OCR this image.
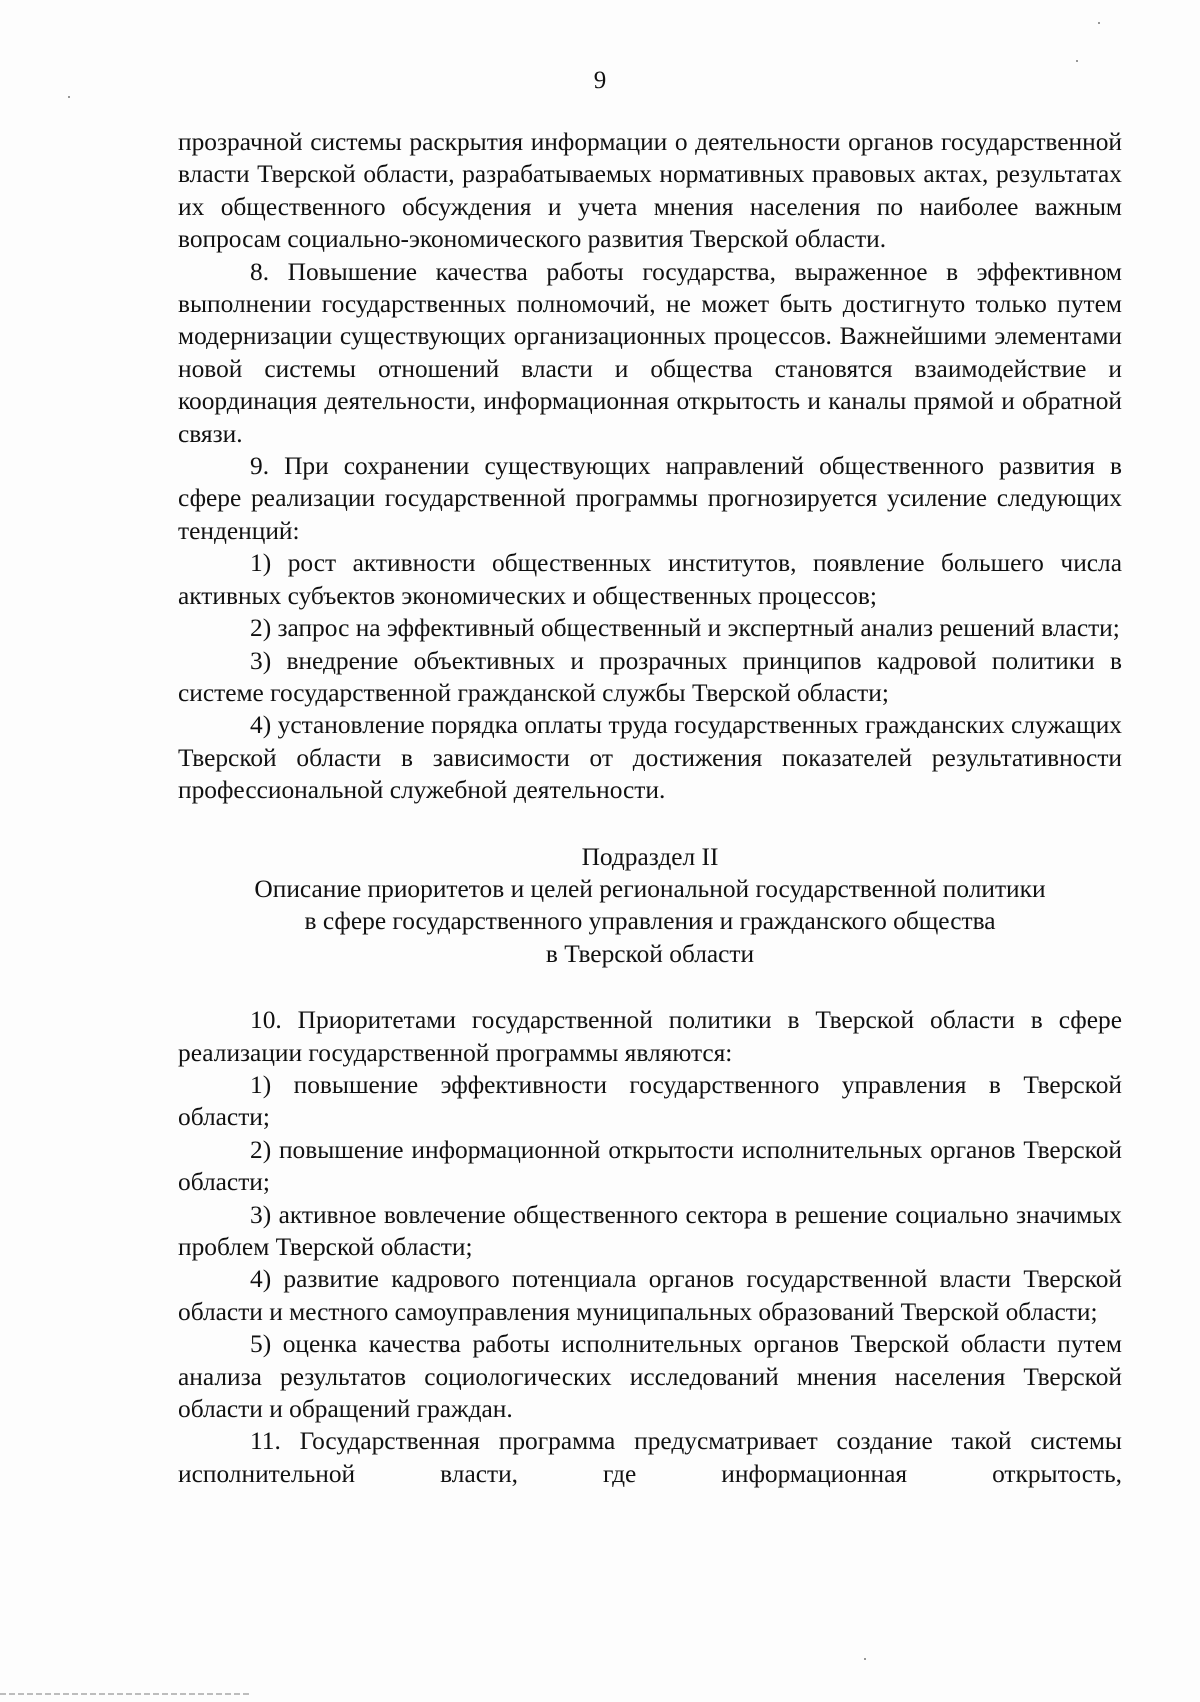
9

прозрачной системы раскрытия информации о деятельности органов государственной власти Тверской области, разрабатываемых нормативных правовых актах, результатах их общественного обсуждения и учета мнения населения по наиболее важным вопросам социально-экономического развития Тверской области.

8. Повышение качества работы государства, выраженное в эффективном выполнении государственных полномочий, не может быть достигнуто только путем модернизации существующих организационных процессов. Важнейшими элементами новой системы отношений власти и общества становятся взаимодействие и координация деятельности, информационная открытость и каналы прямой и обратной связи.

9. При сохранении существующих направлений общественного развития в сфере реализации государственной программы прогнозируется усиление следующих тенденций:

1) рост активности общественных институтов, появление большего числа активных субъектов экономических и общественных процессов;

2) запрос на эффективный общественный и экспертный анализ решений власти;

3) внедрение объективных и прозрачных принципов кадровой политики в системе государственной гражданской службы Тверской области;

4) установление порядка оплаты труда государственных гражданских служащих Тверской области в зависимости от достижения показателей результативности профессиональной служебной деятельности.

Подраздел II

Описание приоритетов и целей региональной государственной политики

в сфере государственного управления и гражданского общества

в Тверской области

10. Приоритетами государственной политики в Тверской области в сфере реализации государственной программы являются:

1) повышение эффективности государственного управления в Тверской области;

2) повышение информационной открытости исполнительных органов Тверской области;

3) активное вовлечение общественного сектора в решение социально значимых проблем Тверской области;

4) развитие кадрового потенциала органов государственной власти Тверской области и местного самоуправления муниципальных образований Тверской области;

5) оценка качества работы исполнительных органов Тверской области путем анализа результатов социологических исследований мнения населения Тверской области и обращений граждан.

11. Государственная программа предусматривает создание такой системы исполнительной власти, где информационная открытость,
